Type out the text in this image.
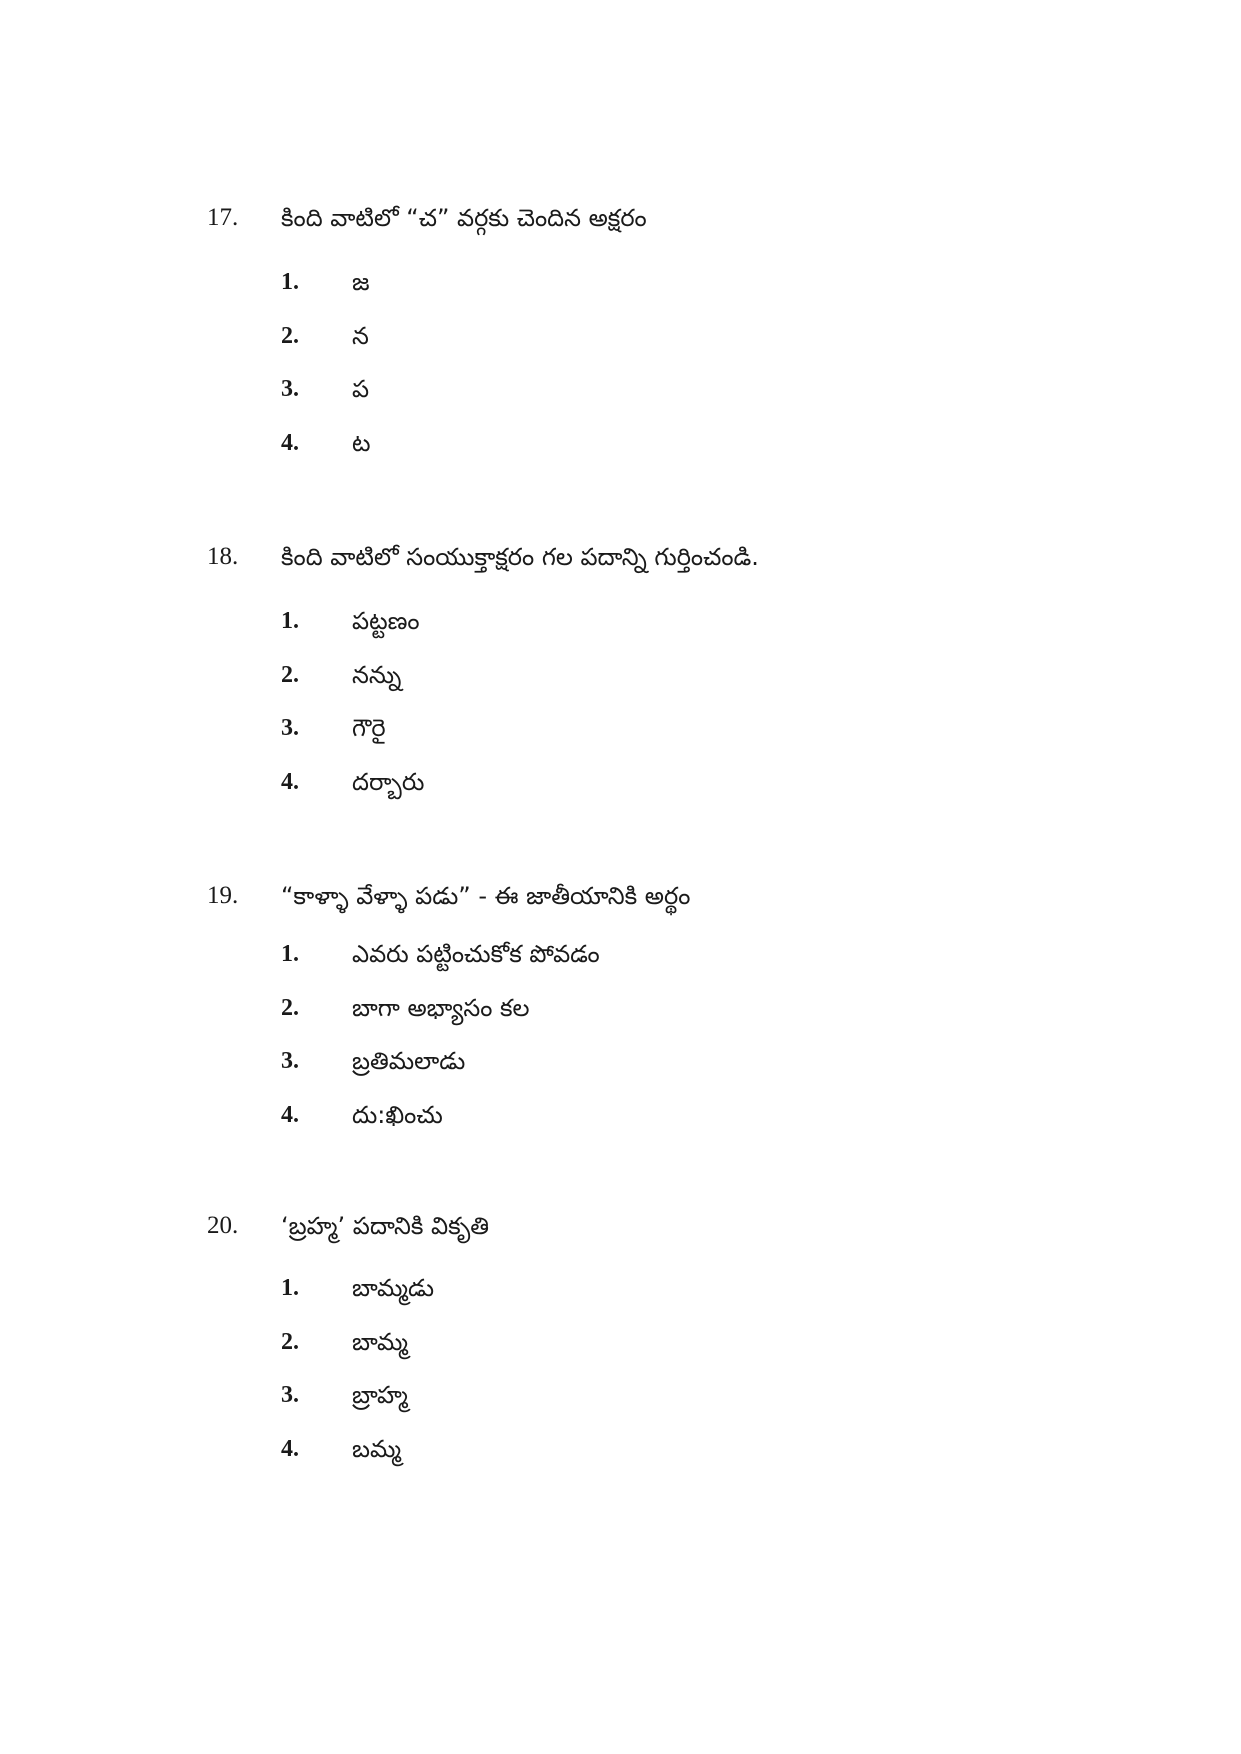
17. కింది వాటిలో “చ” వర్గకు చెందిన అక్షరం
1. జ
2. న
3. ప
4. ట
18. కింది వాటిలో సంయుక్తాక్షరం గల పదాన్ని గుర్తించండి.
1. పట్టణం
2. నన్ను
3. గౌరై
4. దర్బారు
19. “కాళ్ళా వేళ్ళా పడు” - ఈ జాతీయానికి అర్థం
1. ఎవరు పట్టించుకోక పోవడం
2. బాగా అభ్యాసం కల
3. బ్రతిమలాడు
4. దు:ఖించు
20. ‘బ్రహ్మ’ పదానికి వికృతి
1. బామ్మడు
2. బామ్మ
3. బ్రాహ్మ
4. బమ్మ
